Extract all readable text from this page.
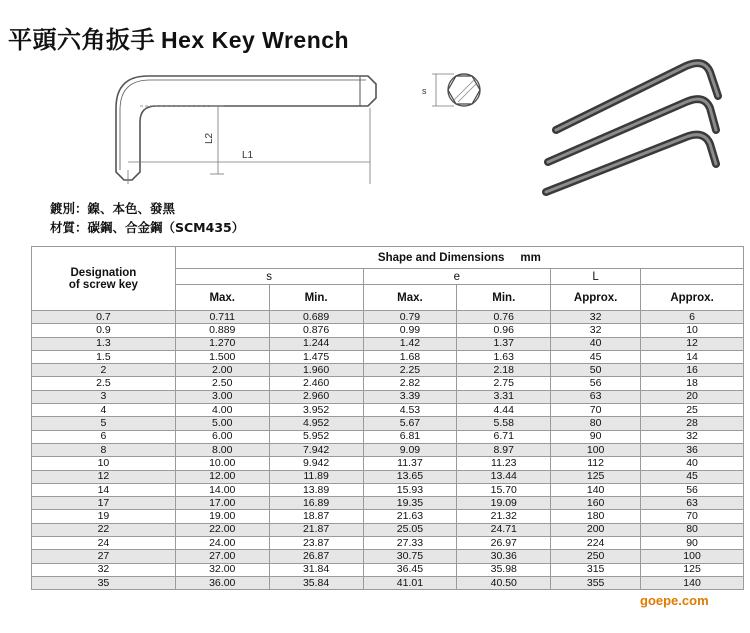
平頭六角扳手 Hex Key Wrench
L1
L2
s
鍍別：鎳、本色、發黑
材質：碳鋼、合金鋼（SCM435）
Designation
of screw key	Shape and Dimensions     mm					
	s		e		L	
	Max.	Min.	Max.	Min.	Approx.	Approx.
0.7	0.711	0.689	0.79	0.76	32	6
0.9	0.889	0.876	0.99	0.96	32	10
1.3	1.270	1.244	1.42	1.37	40	12
1.5	1.500	1.475	1.68	1.63	45	14
2	2.00	1.960	2.25	2.18	50	16
2.5	2.50	2.460	2.82	2.75	56	18
3	3.00	2.960	3.39	3.31	63	20
4	4.00	3.952	4.53	4.44	70	25
5	5.00	4.952	5.67	5.58	80	28
6	6.00	5.952	6.81	6.71	90	32
8	8.00	7.942	9.09	8.97	100	36
10	10.00	9.942	11.37	11.23	112	40
12	12.00	11.89	13.65	13.44	125	45
14	14.00	13.89	15.93	15.70	140	56
17	17.00	16.89	19.35	19.09	160	63
19	19.00	18.87	21.63	21.32	180	70
22	22.00	21.87	25.05	24.71	200	80
24	24.00	23.87	27.33	26.97	224	90
27	27.00	26.87	30.75	30.36	250	100
32	32.00	31.84	36.45	35.98	315	125
35	36.00	35.84	41.01	40.50	355	140
goepe.com
